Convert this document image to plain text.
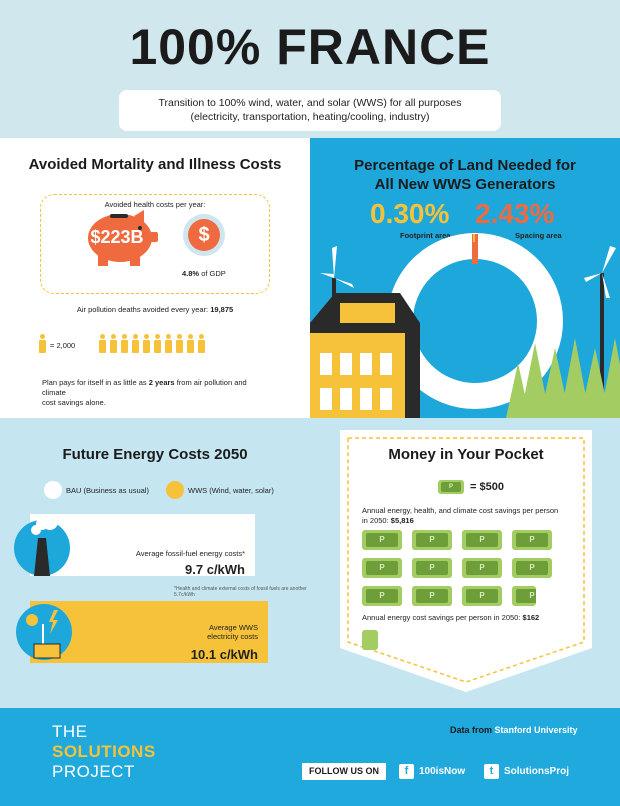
100% FRANCE
Transition to 100% wind, water, and solar (WWS) for all purposes
(electricity, transportation, heating/cooling, industry)
Avoided Mortality and Illness Costs
Avoided health costs per year:
$223B	$
4.8% of GDP
Air pollution deaths avoided every year: 19,875
= 2,000
Plan pays for itself in as little as 2 years from air pollution and climate
cost savings alone.
Percentage of Land Needed for
All New WWS Generators
0.30%
Footprint area
2.43%
Spacing area
Future Energy Costs 2050
BAU (Business as usual)	WWS (Wind, water, solar)
Average fossil-fuel energy costs*
9.7 c/kWh
*Health and climate external costs of fossil fuels are another 5.7c/kWh
Average WWS
electricity costs
10.1 c/kWh
Money in Your Pocket
P	= $500
Annual energy, health, and climate cost savings per person
in 2050: $5,816
P	P	P	P
P	P	P	P
P	P	P	P
Annual energy cost savings per person in 2050: $162
THE
SOLUTIONS
PROJECT
Data from Stanford University
FOLLOW US ON	f	100isNow	t	SolutionsProj
